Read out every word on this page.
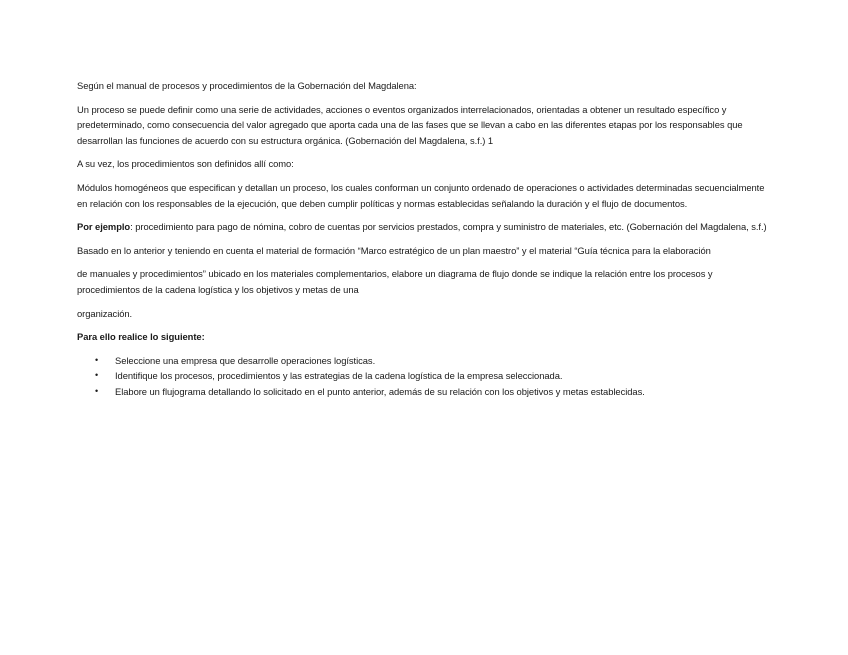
Según el manual de procesos y procedimientos de la Gobernación del Magdalena:

Un proceso se puede definir como una serie de actividades, acciones o eventos organizados interrelacionados, orientadas a obtener un resultado específico y predeterminado, como consecuencia del valor agregado que aporta cada una de las fases que se llevan a cabo en las diferentes etapas por los responsables que desarrollan las funciones de acuerdo con su estructura orgánica. (Gobernación del Magdalena, s.f.) 1

A su vez, los procedimientos son definidos allí como:

Módulos homogéneos que especifican y detallan un proceso, los cuales conforman un conjunto ordenado de operaciones o actividades determinadas secuencialmente en relación con los responsables de la ejecución, que deben cumplir políticas y normas establecidas señalando la duración y el flujo de documentos.

Por ejemplo: procedimiento para pago de nómina, cobro de cuentas por servicios prestados, compra y suministro de materiales, etc. (Gobernación del Magdalena, s.f.)

Basado en lo anterior y teniendo en cuenta el material de formación “Marco estratégico de un plan maestro” y el material “Guía técnica para la elaboración

de manuales y procedimientos” ubicado en los materiales complementarios, elabore un diagrama de flujo donde se indique la relación entre los procesos y procedimientos de la cadena logística y los objetivos y metas de una

organización.

Para ello realice lo siguiente:

• Seleccione una empresa que desarrolle operaciones logísticas.
• Identifique los procesos, procedimientos y las estrategias de la cadena logística de la empresa seleccionada.
• Elabore un flujograma detallando lo solicitado en el punto anterior, además de su relación con los objetivos y metas establecidas.
